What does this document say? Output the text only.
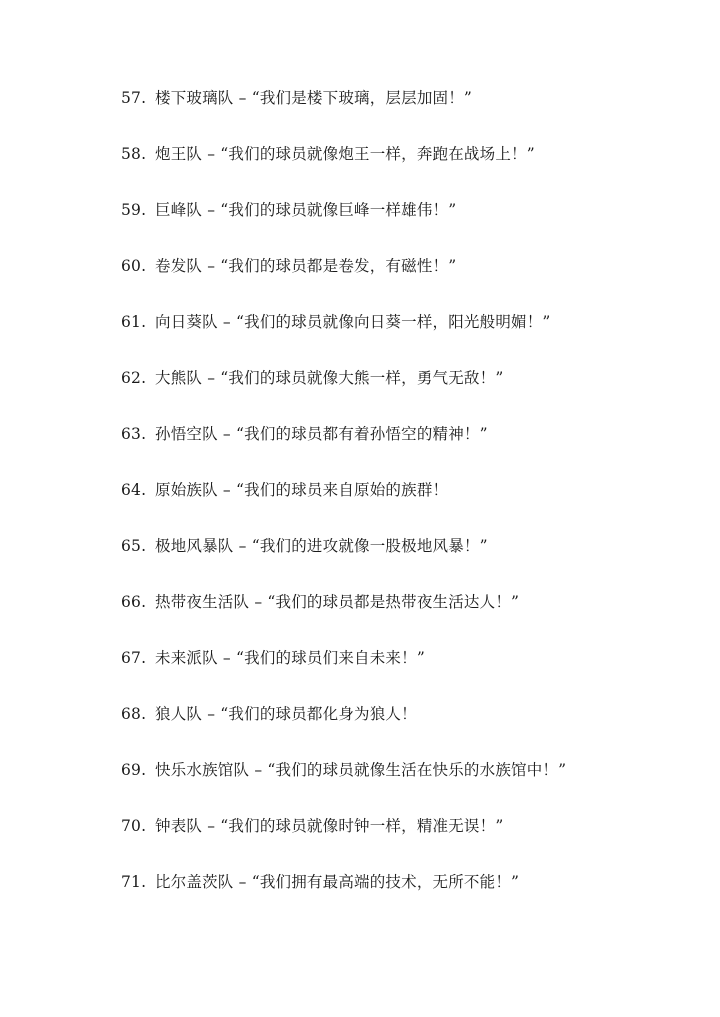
57. 楼下玻璃队 – “我们是楼下玻璃，层层加固！”
58. 炮王队 – “我们的球员就像炮王一样，奔跑在战场上！”
59. 巨峰队 – “我们的球员就像巨峰一样雄伟！”
60. 卷发队 – “我们的球员都是卷发，有磁性！”
61. 向日葵队 – “我们的球员就像向日葵一样，阳光般明媚！”
62. 大熊队 – “我们的球员就像大熊一样，勇气无敌！”
63. 孙悟空队 – “我们的球员都有着孙悟空的精神！”
64. 原始族队 – “我们的球员来自原始的族群！
65. 极地风暴队 – “我们的进攻就像一股极地风暴！”
66. 热带夜生活队 – “我们的球员都是热带夜生活达人！”
67. 未来派队 – “我们的球员们来自未来！”
68. 狼人队 – “我们的球员都化身为狼人！
69. 快乐水族馆队 – “我们的球员就像生活在快乐的水族馆中！”
70. 钟表队 – “我们的球员就像时钟一样，精准无误！”
71. 比尔盖茨队 – “我们拥有最高端的技术，无所不能！”
